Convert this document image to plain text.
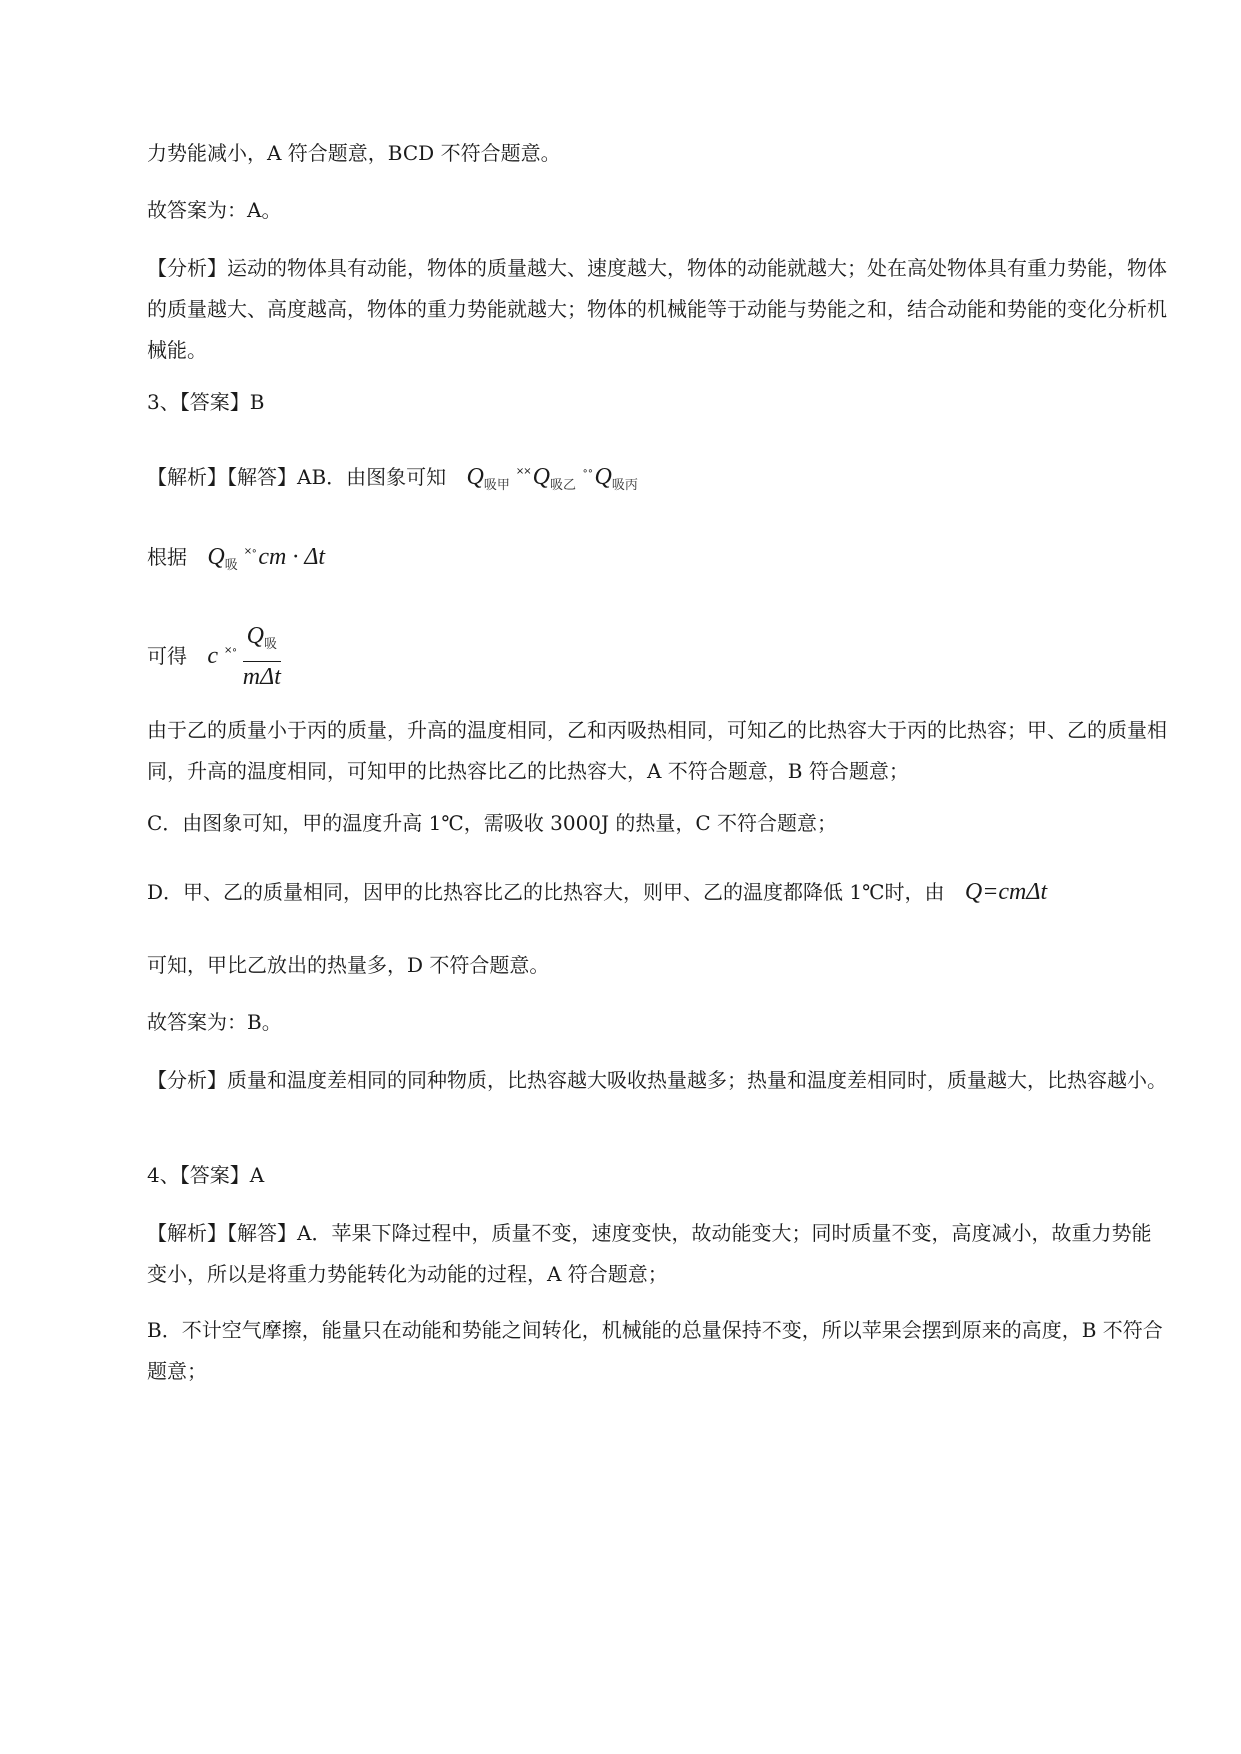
力势能减小，A 符合题意，BCD 不符合题意。

故答案为：A。

【分析】运动的物体具有动能，物体的质量越大、速度越大，物体的动能就越大；处在高处物体具有重力势能，物体的质量越大、高度越高，物体的重力势能就越大；物体的机械能等于动能与势能之和，结合动能和势能的变化分析机械能。

3、【答案】B

【解析】【解答】AB．由图象可知 $Q_{吸甲}^{\times\times}Q_{吸乙}^{\circ\circ}Q_{吸丙}$

根据 $Q_吸^{\times\circ}cm \cdot \Delta t$

可得 c $^{\times\circ} \frac{Q_吸}{\text{mΔt}}$

由于乙的质量小于丙的质量，升高的温度相同，乙和丙吸热相同，可知乙的比热容大于丙的比热容；甲、乙的质量相同，升高的温度相同，可知甲的比热容比乙的比热容大，A 不符合题意，B 符合题意；

C．由图象可知，甲的温度升高 1℃，需吸收 3000J 的热量，C 不符合题意；

D．甲、乙的质量相同，因甲的比热容比乙的比热容大，则甲、乙的温度都降低 1℃时，由 Q=cmΔt

可知，甲比乙放出的热量多，D 不符合题意。

故答案为：B。

【分析】质量和温度差相同的同种物质，比热容越大吸收热量越多；热量和温度差相同时，质量越大，比热容越小。

4、【答案】A

【解析】【解答】A．苹果下降过程中，质量不变，速度变快，故动能变大；同时质量不变，高度减小，故重力势能变小，所以是将重力势能转化为动能的过程，A 符合题意；

B．不计空气摩擦，能量只在动能和势能之间转化，机械能的总量保持不变，所以苹果会摆到原来的高度，B 不符合题意；
